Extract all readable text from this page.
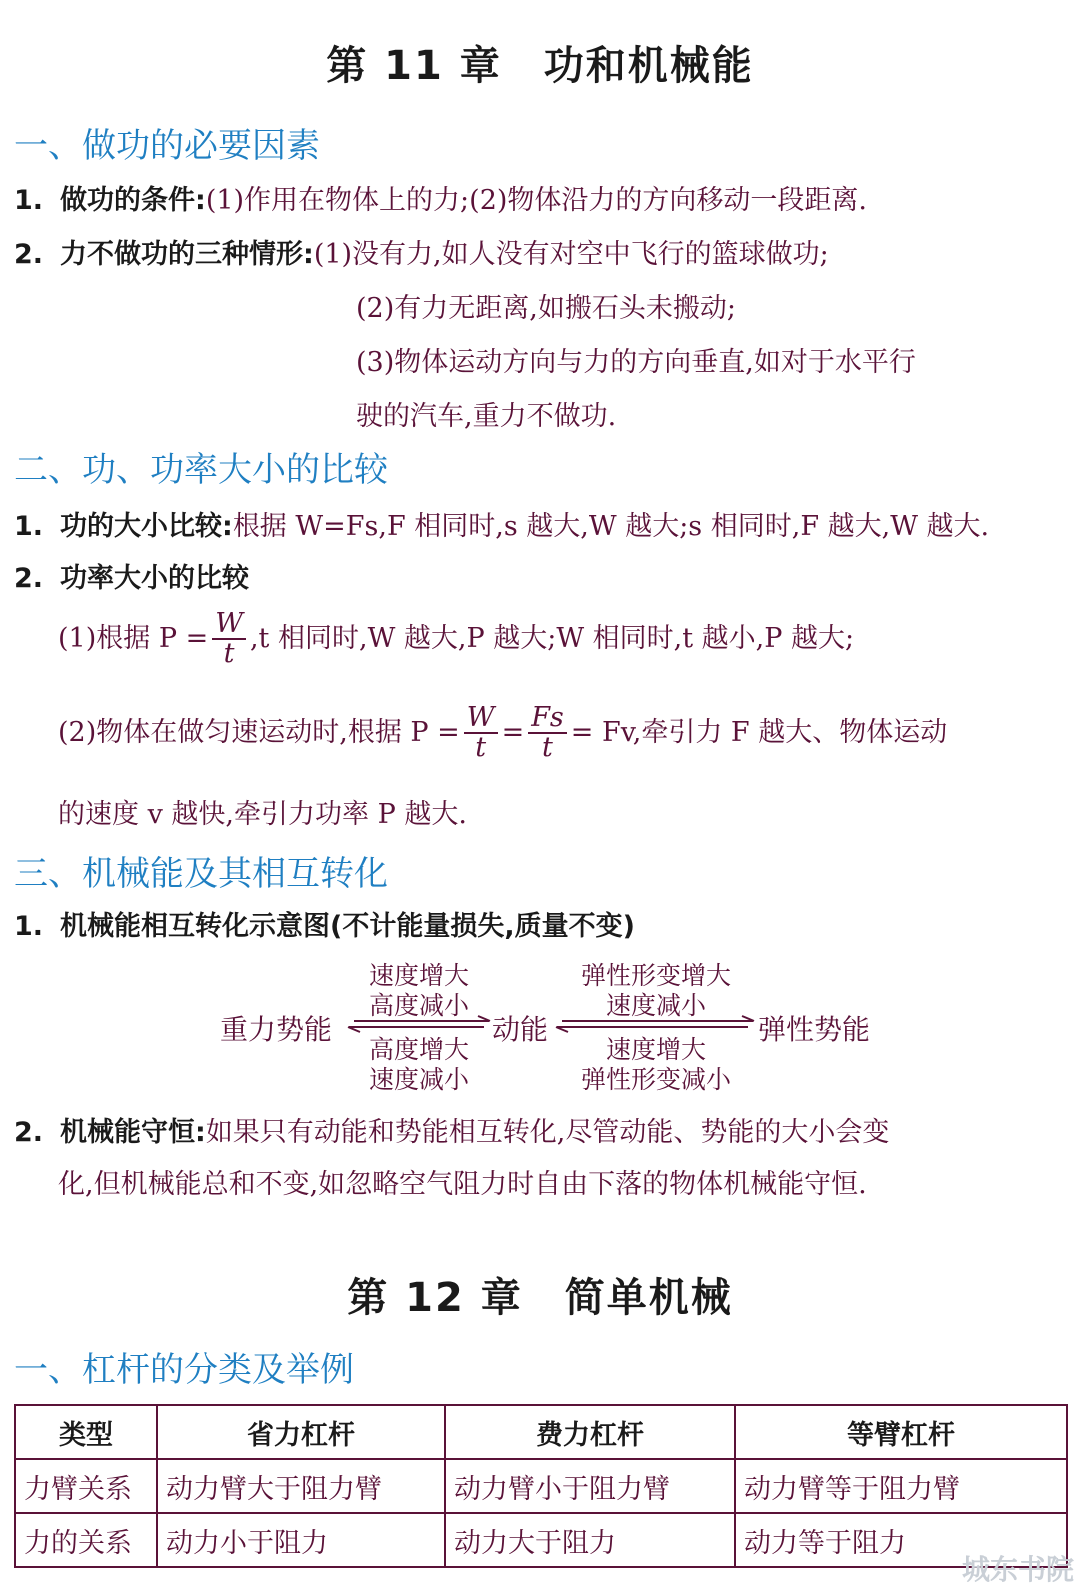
第 11 章　功和机械能
一、做功的必要因素
1. 做功的条件:(1)作用在物体上的力;(2)物体沿力的方向移动一段距离.
2. 力不做功的三种情形:(1)没有力,如人没有对空中飞行的篮球做功;
(2)有力无距离,如搬石头未搬动;
(3)物体运动方向与力的方向垂直,如对于水平行
驶的汽车,重力不做功.
二、功、功率大小的比较
1. 功的大小比较:根据 W=Fs,F 相同时,s 越大,W 越大;s 相同时,F 越大,W 越大.
2. 功率大小的比较
(1)根据 $P = \frac{W}{t} ,t$ 相同时,W 越大,P 越大;W 相同时,t 越小,P 越大;
(2)物体在做匀速运动时,根据 $P = \frac{W}{t} = \frac{Fs}{t} = Fv$,牵引力 F 越大、物体运动
的速度 v 越快,牵引力功率 P 越大.
三、机械能及其相互转化
1. 机械能相互转化示意图(不计能量损失,质量不变)
重力势能	动能	弹性势能
速度增大
高度减小
高度增大
速度减小
弹性形变增大
速度减小
速度增大
弹性形变减小
2. 机械能守恒:如果只有动能和势能相互转化,尽管动能、势能的大小会变
化,但机械能总和不变,如忽略空气阻力时自由下落的物体机械能守恒.
第 12 章　简单机械
一、杠杆的分类及举例
类型	省力杠杆	费力杠杆	等臂杠杆
力臂关系	动力臂大于阻力臂	动力臂小于阻力臂	动力臂等于阻力臂
力的关系	动力小于阻力	动力大于阻力	动力等于阻力
城东书院
